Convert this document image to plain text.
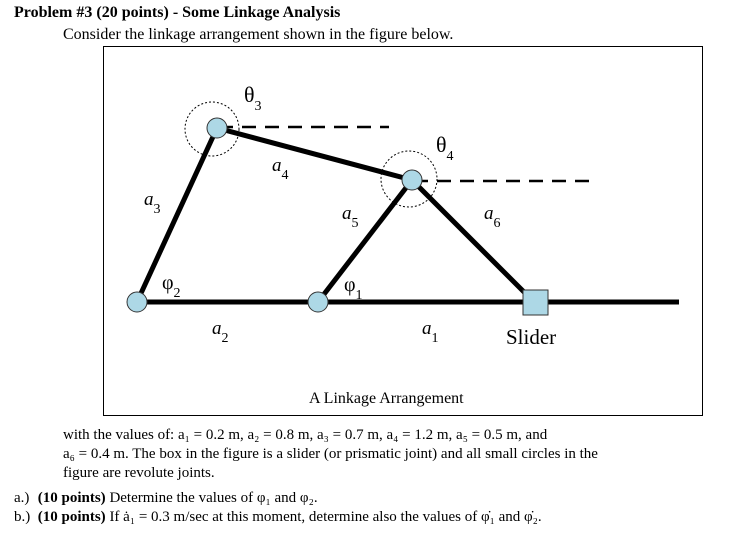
Problem #3 (20 points) - Some Linkage Analysis
Consider the linkage arrangement shown in the figure below.
$\theta_3$
$\theta_4$
$a_3$
$a_4$
$a_5$	$a_6$
$a_2$	$a_1$
$\varphi_2$	$\varphi_1$
Slider
A Linkage Arrangement
with the values of: a₁ = 0.2 m, a₂ = 0.8 m, a₃ = 0.7 m, a₄ = 1.2 m, a₅ = 0.5 m, and
a₆ = 0.4 m. The box in the figure is a slider (or prismatic joint) and all small circles in the
figure are revolute joints.
a.) (10 points) Determine the values of φ₁ and φ₂.
b.) (10 points) If ȧ₁ = 0.3 m/sec at this moment, determine also the values of φ̇₁ and φ̇₂.
